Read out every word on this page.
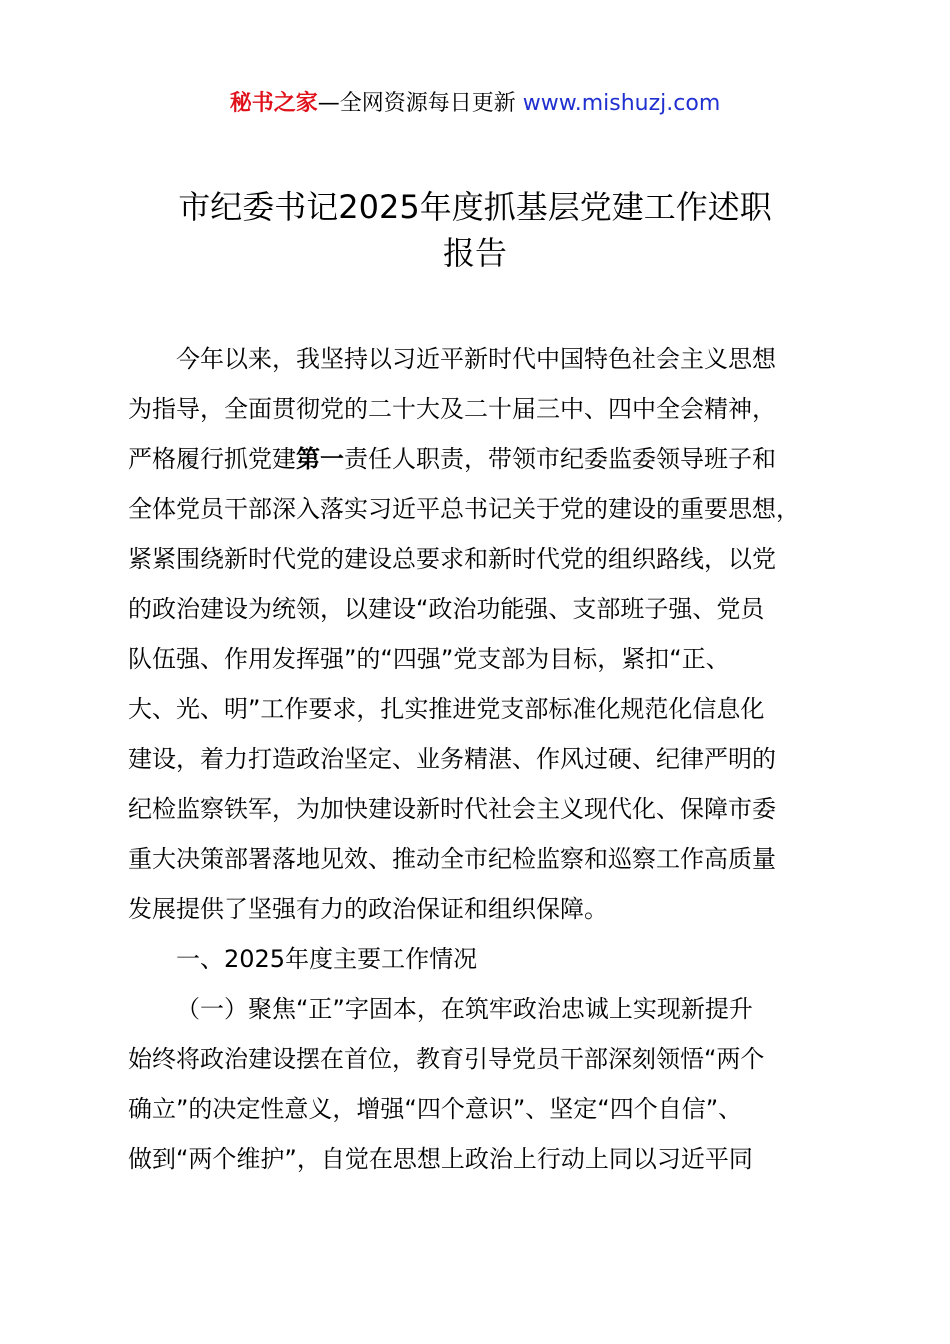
秘书之家—全网资源每日更新 www.mishuzj.com
市纪委书记2025年度抓基层党建工作述职
报告
今年以来，我坚持以习近平新时代中国特色社会主义思想
为指导，全面贯彻党的二十大及二十届三中、四中全会精神，
严格履行抓党建第一责任人职责，带领市纪委监委领导班子和
全体党员干部深入落实习近平总书记关于党的建设的重要思想，
紧紧围绕新时代党的建设总要求和新时代党的组织路线，以党
的政治建设为统领，以建设“政治功能强、支部班子强、党员
队伍强、作用发挥强”的“四强”党支部为目标，紧扣“正、
大、光、明”工作要求，扎实推进党支部标准化规范化信息化
建设，着力打造政治坚定、业务精湛、作风过硬、纪律严明的
纪检监察铁军，为加快建设新时代社会主义现代化、保障市委
重大决策部署落地见效、推动全市纪检监察和巡察工作高质量
发展提供了坚强有力的政治保证和组织保障。
一、2025年度主要工作情况
（一）聚焦“正”字固本，在筑牢政治忠诚上实现新提升
始终将政治建设摆在首位，教育引导党员干部深刻领悟“两个
确立”的决定性意义，增强“四个意识”、坚定“四个自信”、
做到“两个维护”，自觉在思想上政治上行动上同以习近平同
